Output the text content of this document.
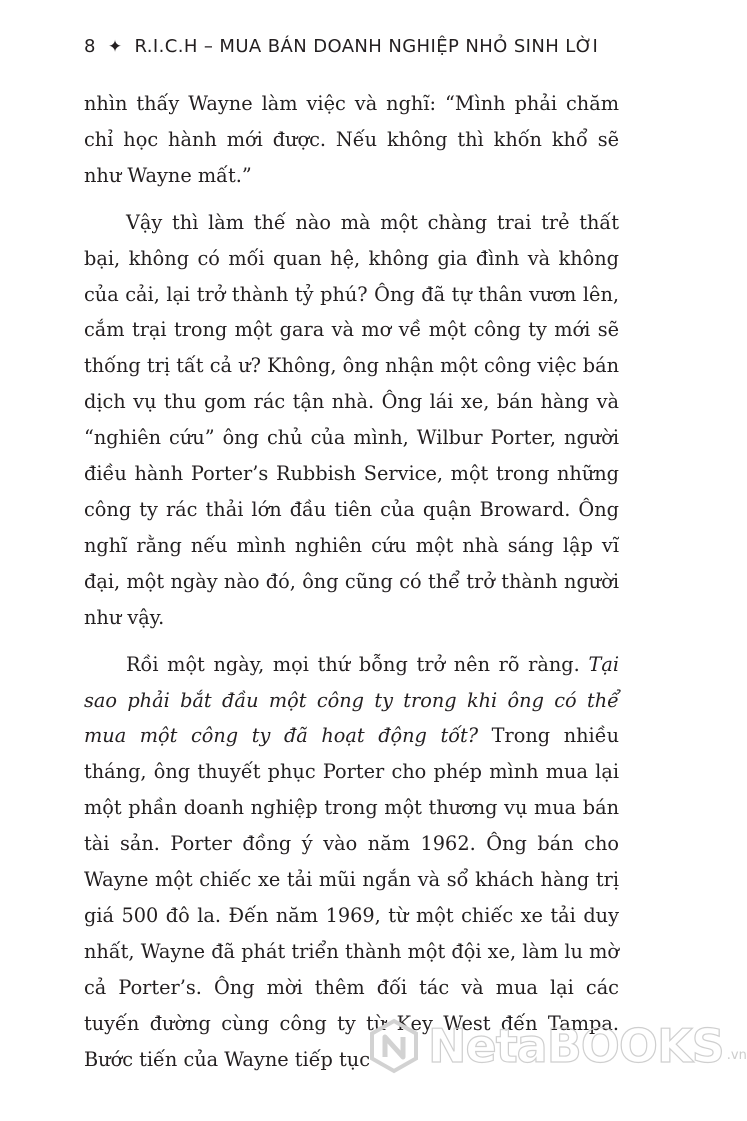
8 ✦ R.I.C.H – MUA BÁN DOANH NGHIỆP NHỎ SINH LỜI

nhìn thấy Wayne làm việc và nghĩ: “Mình phải chăm chỉ học hành mới được. Nếu không thì khốn khổ sẽ như Wayne mất.”

Vậy thì làm thế nào mà một chàng trai trẻ thất bại, không có mối quan hệ, không gia đình và không của cải, lại trở thành tỷ phú? Ông đã tự thân vươn lên, cắm trại trong một gara và mơ về một công ty mới sẽ thống trị tất cả ư? Không, ông nhận một công việc bán dịch vụ thu gom rác tận nhà. Ông lái xe, bán hàng và “nghiên cứu” ông chủ của mình, Wilbur Porter, người điều hành Porter’s Rubbish Service, một trong những công ty rác thải lớn đầu tiên của quận Broward. Ông nghĩ rằng nếu mình nghiên cứu một nhà sáng lập vĩ đại, một ngày nào đó, ông cũng có thể trở thành người như vậy.

Rồi một ngày, mọi thứ bỗng trở nên rõ ràng. Tại sao phải bắt đầu một công ty trong khi ông có thể mua một công ty đã hoạt động tốt? Trong nhiều tháng, ông thuyết phục Porter cho phép mình mua lại một phần doanh nghiệp trong một thương vụ mua bán tài sản. Porter đồng ý vào năm 1962. Ông bán cho Wayne một chiếc xe tải mũi ngắn và sổ khách hàng trị giá 500 đô la. Đến năm 1969, từ một chiếc xe tải duy nhất, Wayne đã phát triển thành một đội xe, làm lu mờ cả Porter’s. Ông mời thêm đối tác và mua lại các tuyến đường cùng công ty từ Key West đến Tampa. Bước tiến của Wayne tiếp tục	NetaBOOKS .vn
